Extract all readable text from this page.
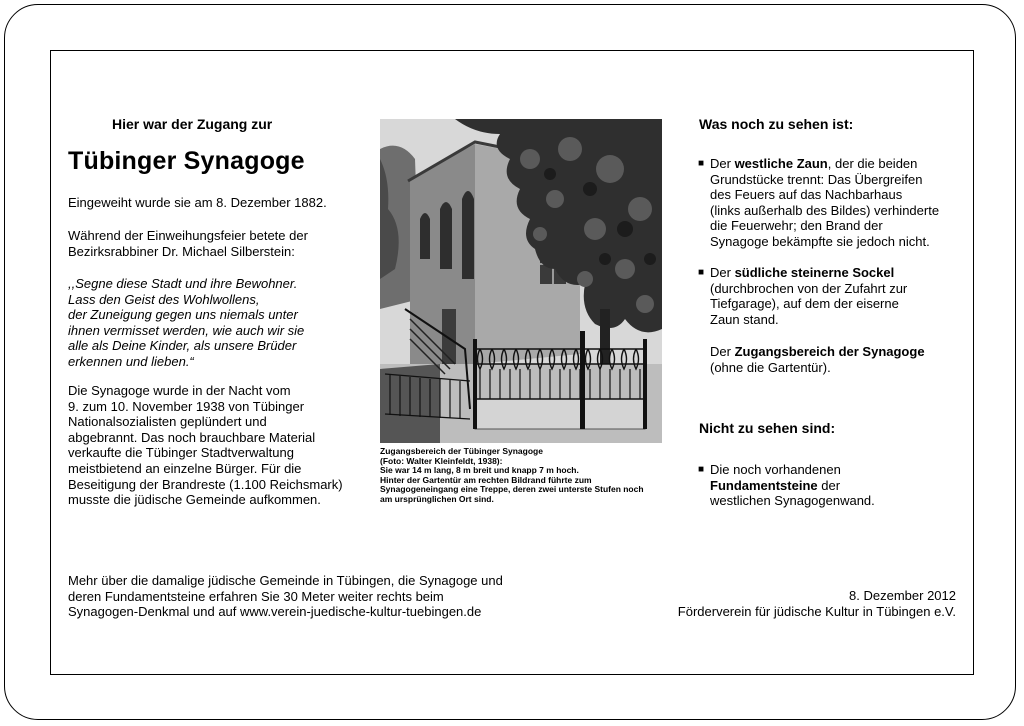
Hier war der Zugang zur

Tübinger Synagoge

Eingeweiht wurde sie am 8. Dezember 1882.

Während der Einweihungsfeier betete der
Bezirksrabbiner Dr. Michael Silberstein:

,,Segne diese Stadt und ihre Bewohner.
Lass den Geist des Wohlwollens,
der Zuneigung gegen uns niemals unter
ihnen vermisset werden, wie auch wir sie
alle als Deine Kinder, als unsere Brüder
erkennen und lieben.“

Die Synagoge wurde in der Nacht vom
9. zum 10. November 1938 von Tübinger
Nationalsozialisten geplündert und
abgebrannt. Das noch brauchbare Material
verkaufte die Tübinger Stadtverwaltung
meistbietend an einzelne Bürger. Für die
Beseitigung der Brandreste (1.100 Reichsmark)
musste die jüdische Gemeinde aufkommen.

Zugangsbereich der Tübinger Synagoge
(Foto: Walter Kleinfeldt, 1938):
Sie war 14 m lang, 8 m breit und knapp 7 m hoch.
Hinter der Gartentür am rechten Bildrand führte zum
Synagogeneingang eine Treppe, deren zwei unterste Stufen noch
am ursprünglichen Ort sind.

Was noch zu sehen ist:
■ Der westliche Zaun, der die beiden
Grundstücke trennt: Das Übergreifen
des Feuers auf das Nachbarhaus
(links außerhalb des Bildes) verhinderte
die Feuerwehr; den Brand der
Synagoge bekämpfte sie jedoch nicht.
■ Der südliche steinerne Sockel
(durchbrochen von der Zufahrt zur
Tiefgarage), auf dem der eiserne
Zaun stand.
Der Zugangsbereich der Synagoge
(ohne die Gartentür).
Nicht zu sehen sind:
■ Die noch vorhandenen
Fundamentsteine der
westlichen Synagogenwand.

Mehr über die damalige jüdische Gemeinde in Tübingen, die Synagoge und
deren Fundamentsteine erfahren Sie 30 Meter weiter rechts beim
Synagogen-Denkmal und auf www.verein-juedische-kultur-tuebingen.de

8. Dezember 2012
Förderverein für jüdische Kultur in Tübingen e.V.
